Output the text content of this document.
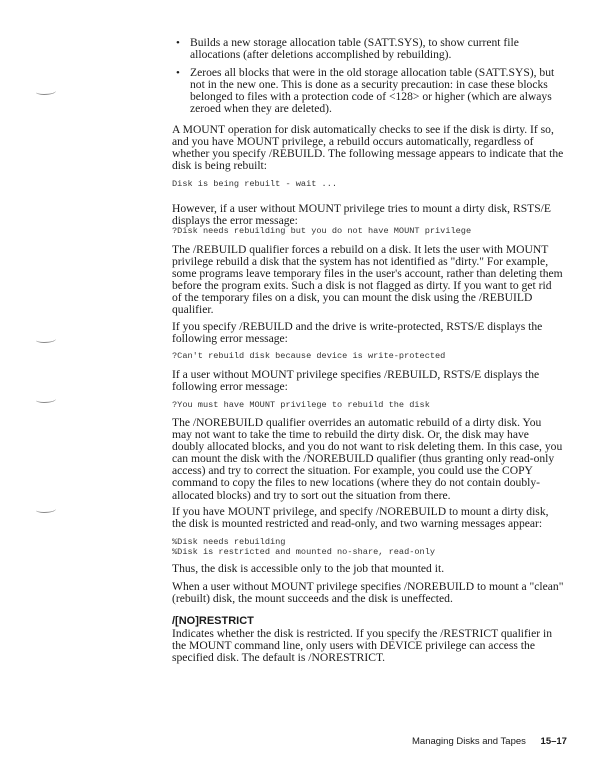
• Builds a new storage allocation table (SATT.SYS), to show current file allocations (after deletions accomplished by rebuilding).
• Zeroes all blocks that were in the old storage allocation table (SATT.SYS), but not in the new one. This is done as a security precaution: in case these blocks belonged to files with a protection code of <128> or higher (which are always zeroed when they are deleted).
A MOUNT operation for disk automatically checks to see if the disk is dirty. If so, and you have MOUNT privilege, a rebuild occurs automatically, regardless of whether you specify /REBUILD. The following message appears to indicate that the disk is being rebuilt:
Disk is being rebuilt - wait ...
However, if a user without MOUNT privilege tries to mount a dirty disk, RSTS/E displays the error message:
?Disk needs rebuilding but you do not have MOUNT privilege
The /REBUILD qualifier forces a rebuild on a disk. It lets the user with MOUNT privilege rebuild a disk that the system has not identified as "dirty." For example, some programs leave temporary files in the user's account, rather than deleting them before the program exits. Such a disk is not flagged as dirty. If you want to get rid of the temporary files on a disk, you can mount the disk using the /REBUILD qualifier.
If you specify /REBUILD and the drive is write-protected, RSTS/E displays the following error message:
?Can't rebuild disk because device is write-protected
If a user without MOUNT privilege specifies /REBUILD, RSTS/E displays the following error message:
?You must have MOUNT privilege to rebuild the disk
The /NOREBUILD qualifier overrides an automatic rebuild of a dirty disk. You may not want to take the time to rebuild the dirty disk. Or, the disk may have doubly allocated blocks, and you do not want to risk deleting them. In this case, you can mount the disk with the /NOREBUILD qualifier (thus granting only read-only access) and try to correct the situation. For example, you could use the COPY command to copy the files to new locations (where they do not contain doubly-allocated blocks) and try to sort out the situation from there.
If you have MOUNT privilege, and specify /NOREBUILD to mount a dirty disk, the disk is mounted restricted and read-only, and two warning messages appear:
%Disk needs rebuilding
%Disk is restricted and mounted no-share, read-only
Thus, the disk is accessible only to the job that mounted it.
When a user without MOUNT privilege specifies /NOREBUILD to mount a "clean" (rebuilt) disk, the mount succeeds and the disk is uneffected.
/[NO]RESTRICT
Indicates whether the disk is restricted. If you specify the /RESTRICT qualifier in the MOUNT command line, only users with DEVICE privilege can access the specified disk. The default is /NORESTRICT.
Managing Disks and Tapes 15–17
